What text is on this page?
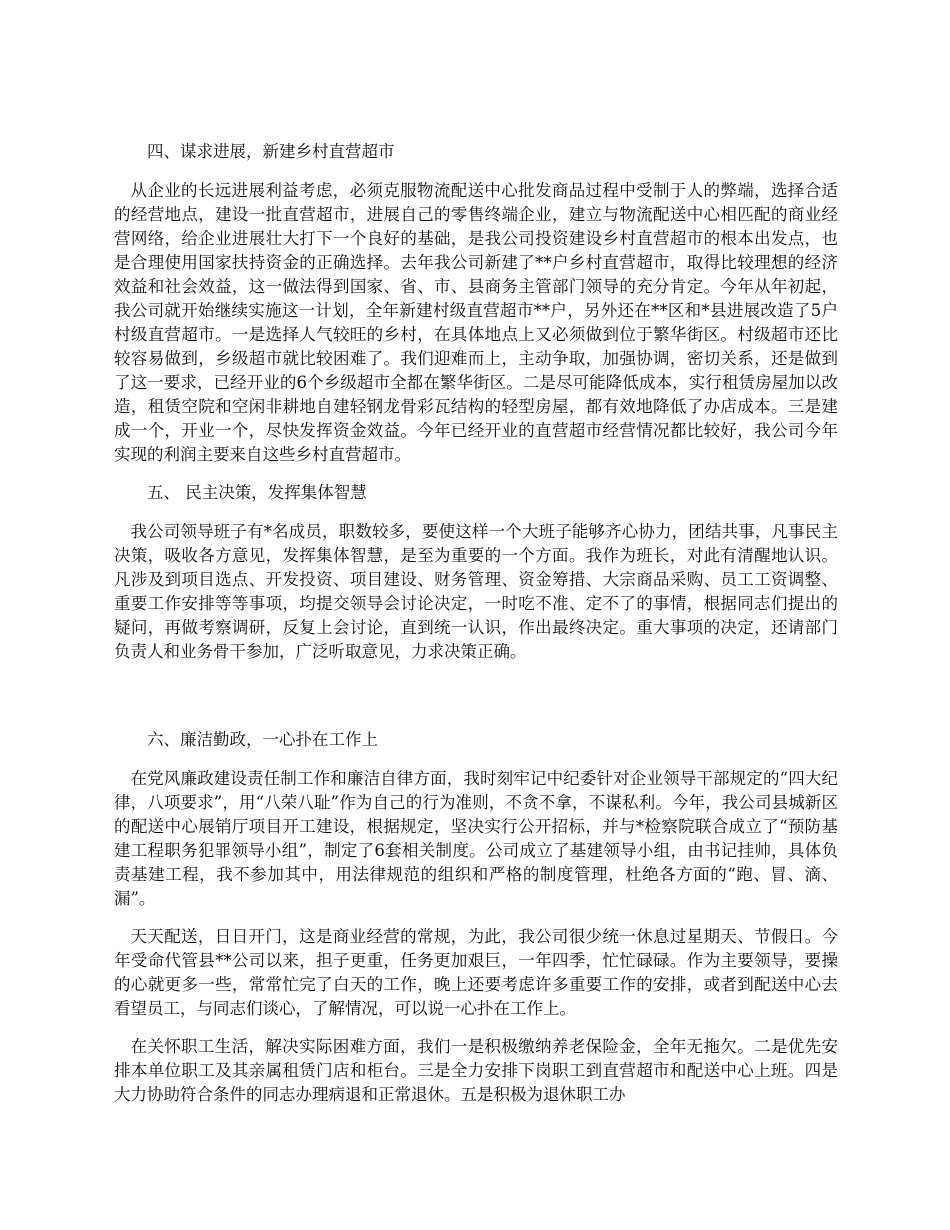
四、谋求进展，新建乡村直营超市

从企业的长远进展利益考虑，必须克服物流配送中心批发商品过程中受制于人的弊端，选择合适的经营地点，建设一批直营超市，进展自己的零售终端企业，建立与物流配送中心相匹配的商业经营网络，给企业进展壮大打下一个良好的基础，是我公司投资建设乡村直营超市的根本出发点，也是合理使用国家扶持资金的正确选择。去年我公司新建了**户乡村直营超市，取得比较理想的经济效益和社会效益，这一做法得到国家、省、市、县商务主管部门领导的充分肯定。今年从年初起，我公司就开始继续实施这一计划，全年新建村级直营超市**户，另外还在**区和*县进展改造了5户村级直营超市。一是选择人气较旺的乡村，在具体地点上又必须做到位于繁华街区。村级超市还比较容易做到，乡级超市就比较困难了。我们迎难而上，主动争取，加强协调，密切关系，还是做到了这一要求，已经开业的6个乡级超市全都在繁华街区。二是尽可能降低成本，实行租赁房屋加以改造，租赁空院和空闲非耕地自建轻钢龙骨彩瓦结构的轻型房屋，都有效地降低了办店成本。三是建成一个，开业一个，尽快发挥资金效益。今年已经开业的直营超市经营情况都比较好，我公司今年实现的利润主要来自这些乡村直营超市。

五、 民主决策，发挥集体智慧

我公司领导班子有*名成员，职数较多，要使这样一个大班子能够齐心协力，团结共事，凡事民主决策，吸收各方意见，发挥集体智慧，是至为重要的一个方面。我作为班长，对此有清醒地认识。凡涉及到项目选点、开发投资、项目建设、财务管理、资金筹措、大宗商品采购、员工工资调整、重要工作安排等等事项，均提交领导会讨论决定，一时吃不准、定不了的事情，根据同志们提出的疑问，再做考察调研，反复上会讨论，直到统一认识，作出最终决定。重大事项的决定，还请部门负责人和业务骨干参加，广泛听取意见，力求决策正确。

六、廉洁勤政，一心扑在工作上

在党风廉政建设责任制工作和廉洁自律方面，我时刻牢记中纪委针对企业领导干部规定的“四大纪律，八项要求”，用“八荣八耻”作为自己的行为准则，不贪不拿，不谋私利。今年，我公司县城新区的配送中心展销厅项目开工建设，根据规定，坚决实行公开招标，并与*检察院联合成立了“预防基建工程职务犯罪领导小组”，制定了6套相关制度。公司成立了基建领导小组，由书记挂帅，具体负责基建工程，我不参加其中，用法律规范的组织和严格的制度管理，杜绝各方面的“跑、冒、滴、漏”。

天天配送，日日开门，这是商业经营的常规，为此，我公司很少统一休息过星期天、节假日。今年受命代管县**公司以来，担子更重，任务更加艰巨，一年四季，忙忙碌碌。作为主要领导，要操的心就更多一些，常常忙完了白天的工作，晚上还要考虑许多重要工作的安排，或者到配送中心去看望员工，与同志们谈心，了解情况，可以说一心扑在工作上。

在关怀职工生活，解决实际困难方面，我们一是积极缴纳养老保险金，全年无拖欠。二是优先安排本单位职工及其亲属租赁门店和柜台。三是全力安排下岗职工到直营超市和配送中心上班。四是大力协助符合条件的同志办理病退和正常退休。五是积极为退休职工办
